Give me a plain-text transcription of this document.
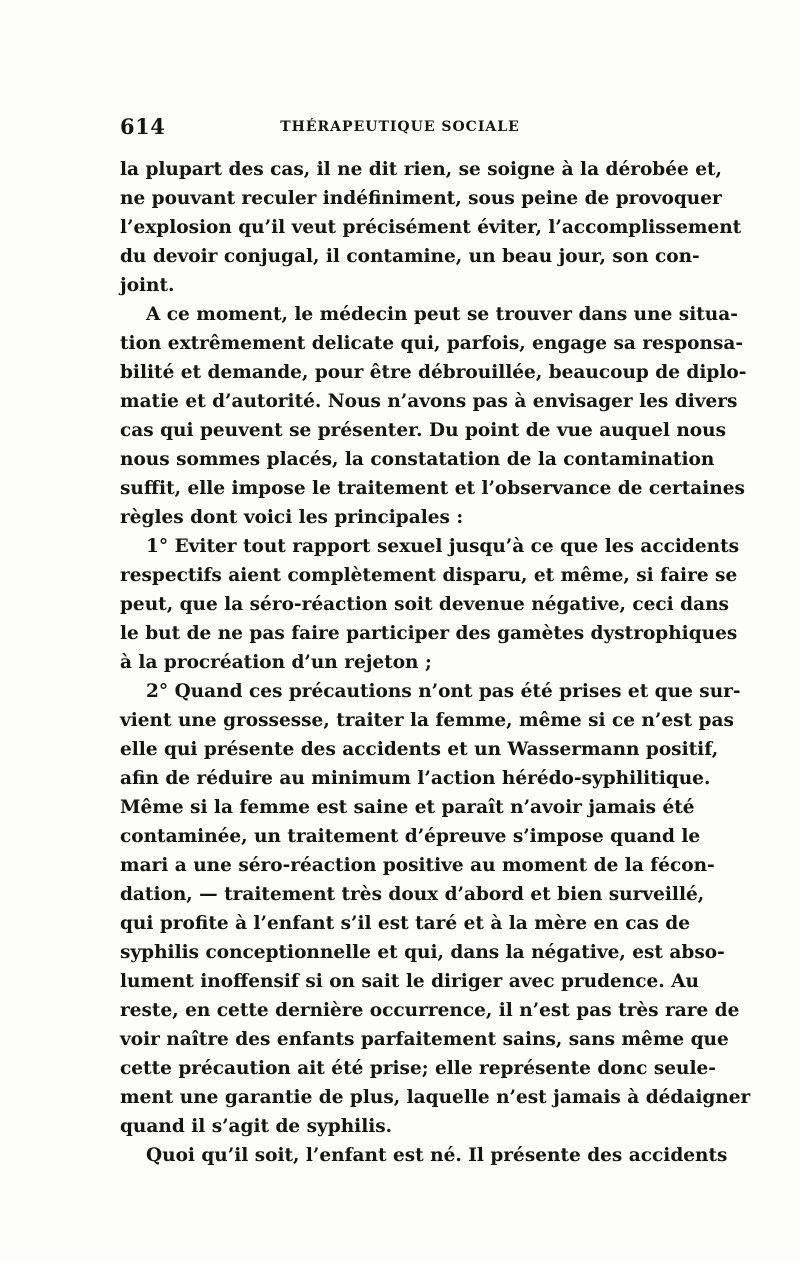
614	THÉRAPEUTIQUE SOCIALE
la plupart des cas, il ne dit rien, se soigne à la dérobée et,
ne pouvant reculer indéfiniment, sous peine de provoquer
l’explosion qu’il veut précisément éviter, l’accomplissement
du devoir conjugal, il contamine, un beau jour, son con-
joint.
A ce moment, le médecin peut se trouver dans une situa-
tion extrêmement delicate qui, parfois, engage sa responsa-
bilité et demande, pour être débrouillée, beaucoup de diplo-
matie et d’autorité. Nous n’avons pas à envisager les divers
cas qui peuvent se présenter. Du point de vue auquel nous
nous sommes placés, la constatation de la contamination
suffit, elle impose le traitement et l’observance de certaines
règles dont voici les principales :
1° Eviter tout rapport sexuel jusqu’à ce que les accidents
respectifs aient complètement disparu, et même, si faire se
peut, que la séro-réaction soit devenue négative, ceci dans
le but de ne pas faire participer des gamètes dystrophiques
à la procréation d’un rejeton ;
2° Quand ces précautions n’ont pas été prises et que sur-
vient une grossesse, traiter la femme, même si ce n’est pas
elle qui présente des accidents et un Wassermann positif,
afin de réduire au minimum l’action hérédo-syphilitique.
Même si la femme est saine et paraît n’avoir jamais été
contaminée, un traitement d’épreuve s’impose quand le
mari a une séro-réaction positive au moment de la fécon-
dation, — traitement très doux d’abord et bien surveillé,
qui profite à l’enfant s’il est taré et à la mère en cas de
syphilis conceptionnelle et qui, dans la négative, est abso-
lument inoffensif si on sait le diriger avec prudence. Au
reste, en cette dernière occurrence, il n’est pas très rare de
voir naître des enfants parfaitement sains, sans même que
cette précaution ait été prise; elle représente donc seule-
ment une garantie de plus, laquelle n’est jamais à dédaigner
quand il s’agit de syphilis.
Quoi qu’il soit, l’enfant est né. Il présente des accidents
